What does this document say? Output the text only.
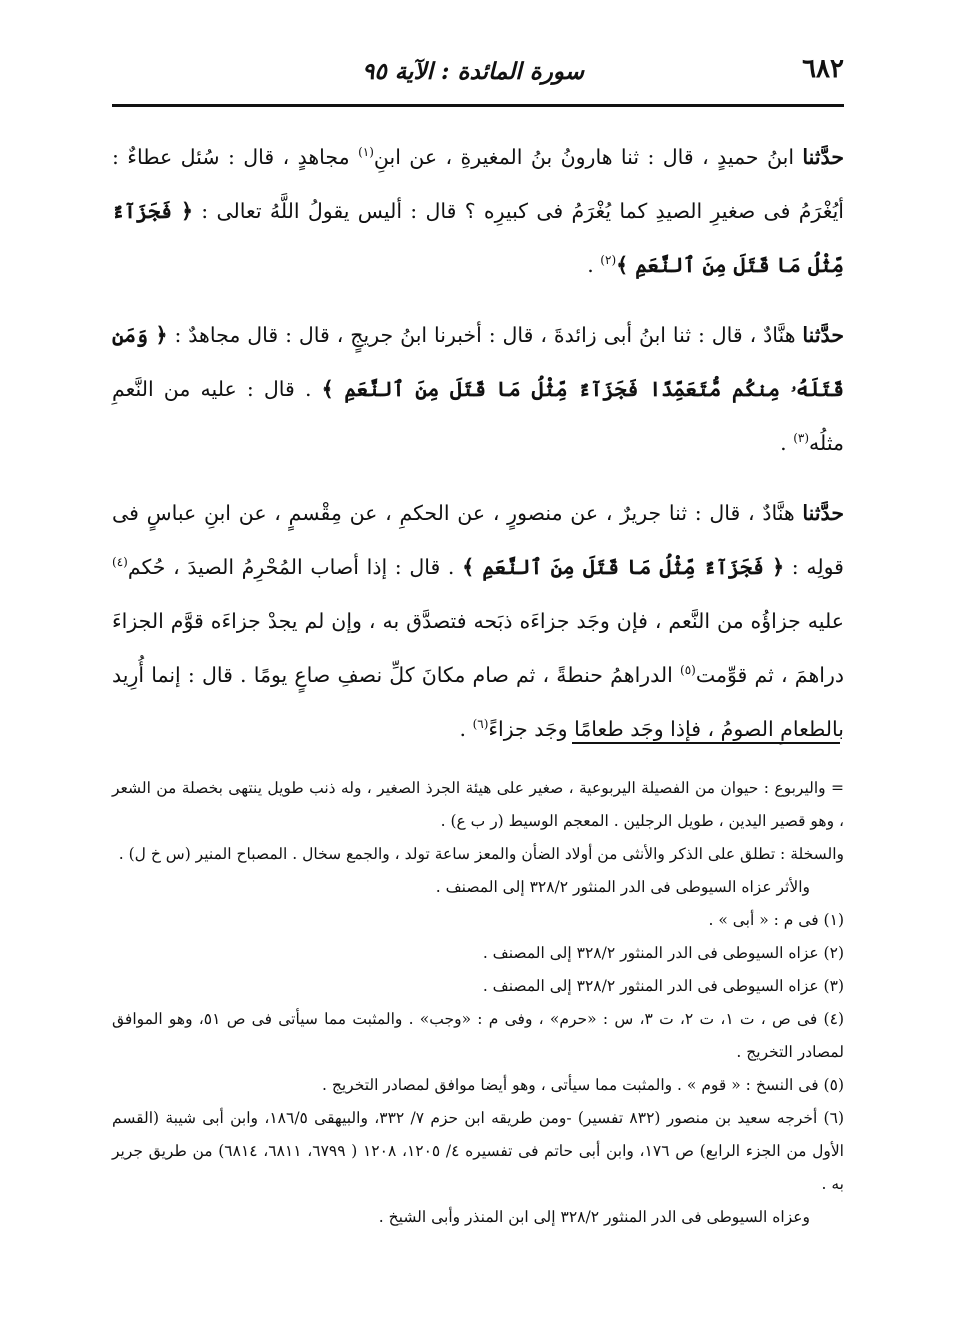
٦٨٢
سورة المائدة : الآية ٩٥

حدَّثنا ابنُ حميدٍ ، قال : ثنا هارونُ بنُ المغيرةِ ، عن ابنِ$^{(١)}$ مجاهدٍ ، قال : سُئل عطاءٌ : أيُغْرَمُ فى صغيرِ الصيدِ كما يُغْرَمُ فى كبيرِه ؟ قال : أليس يقولُ اللَّهُ تعالى : ﴿ فَجَزَآءٌ مِّثْلُ مَا قَتَلَ مِنَ ٱلنَّعَمِ ﴾$^{(٢)}$ .

حدَّثنا هنَّادٌ ، قال : ثنا ابنُ أبى زائدةَ ، قال : أخبرنا ابنُ جريجٍ ، قال : قال مجاهدٌ : ﴿ وَمَن قَتَلَهُۥ مِنكُم مُّتَعَمِّدًا فَجَزَآءٌ مِّثْلُ مَا قَتَلَ مِنَ ٱلنَّعَمِ ﴾ . قال : عليه من النَّعمِ مثلُه$^{(٣)}$ .

حدَّثنا هنَّادٌ ، قال : ثنا جريرٌ ، عن منصورٍ ، عن الحكمِ ، عن مِقْسمٍ ، عن ابنِ عباسٍ فى قولِه : ﴿ فَجَزَآءٌ مِّثْلُ مَا قَتَلَ مِنَ ٱلنَّعَمِ ﴾ . قال : إذا أصاب المُحْرِمُ الصيدَ ، حُكم$^{(٤)}$ عليه جزاؤُه من النَّعم ، فإن وجَد جزاءَه ذبَحه فتصدَّق به ، وإن لم يجدْ جزاءَه قوَّم الجزاءَ دراهمَ ، ثم قوِّمت$^{(٥)}$ الدراهمُ حنطةً ، ثم صام مكانَ كلِّ نصفِ صاعٍ يومًا . قال : إنما أُرِيد بالطعامِ الصومُ ، فإذا وجَد طعامًا وجَد جزاءً$^{(٦)}$ .

= واليربوع : حيوان من الفصيلة اليربوعية ، صغير على هيئة الجرذ الصغير ، وله ذنب طويل ينتهى بخصلة من الشعر ، وهو قصير اليدين ، طويل الرجلين . المعجم الوسيط (ر ب ع) .

والسخلة : تطلق على الذكر والأنثى من أولاد الضأن والمعز ساعة تولد ، والجمع سخال . المصباح المنير (س خ ل) .

والأثر عزاه السيوطى فى الدر المنثور ٣٢٨/٢ إلى المصنف .

(١) فى م : « أبى » .

(٢) عزاه السيوطى فى الدر المنثور ٣٢٨/٢ إلى المصنف .

(٣) عزاه السيوطى فى الدر المنثور ٣٢٨/٢ إلى المصنف .

(٤) فى ص ، ت ١، ت ٢، ت ٣، س : «حرم» ، وفى م : «وجب» . والمثبت مما سيأتى فى ص ٥١، وهو الموافق لمصادر التخريج .

(٥) فى النسخ : « قوم » . والمثبت مما سيأتى ، وهو أيضا موافق لمصادر التخريج .

(٦) أخرجه سعيد بن منصور (٨٣٢ تفسير) -ومن طريقه ابن حزم ٧/ ٣٣٢، والبيهقى ١٨٦/٥، وابن أبى شيبة (القسم الأول من الجزء الرابع) ص ١٧٦، وابن أبى حاتم فى تفسيره ٤/ ١٢٠٥، ١٢٠٨ ( ٦٧٩٩، ٦٨١١، ٦٨١٤) من طريق جرير به .

وعزاه السيوطى فى الدر المنثور ٣٢٨/٢ إلى ابن المنذر وأبى الشيخ .
